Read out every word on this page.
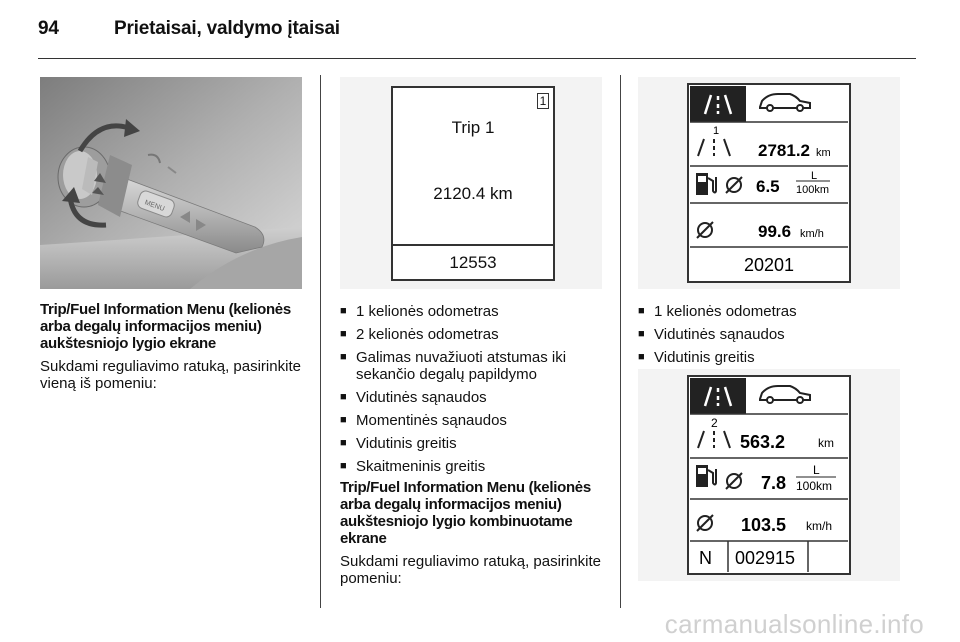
94	Prietaisai, valdymo įtaisai
MENU

Trip/Fuel Information Menu (kelionės arba degalų informacijos meniu) aukštesniojo lygio ekrane

Sukdami reguliavimo ratuką, pasirinkite vieną iš pomeniu:

1
Trip 1
2120.4 km
12553
■ 1 kelionės odometras
■ 2 kelionės odometras
■ Galimas nuvažiuoti atstumas iki sekančio degalų papildymo
■ Vidutinės sąnaudos
■ Momentinės sąnaudos
■ Vidutinis greitis
■ Skaitmeninis greitis

Trip/Fuel Information Menu (kelionės arba degalų informacijos meniu) aukštesniojo lygio kombinuotame ekrane

Sukdami reguliavimo ratuką, pasirinkite pomeniu:

1
2781.2 km
6.5
L
100km
99.6 km/h
20201
■ 1 kelionės odometras
■ Vidutinės sąnaudos
■ Vidutinis greitis
2
563.2	km
7.8
L
100km
103.5 km/h
N 002915
carmanualsonline.info
